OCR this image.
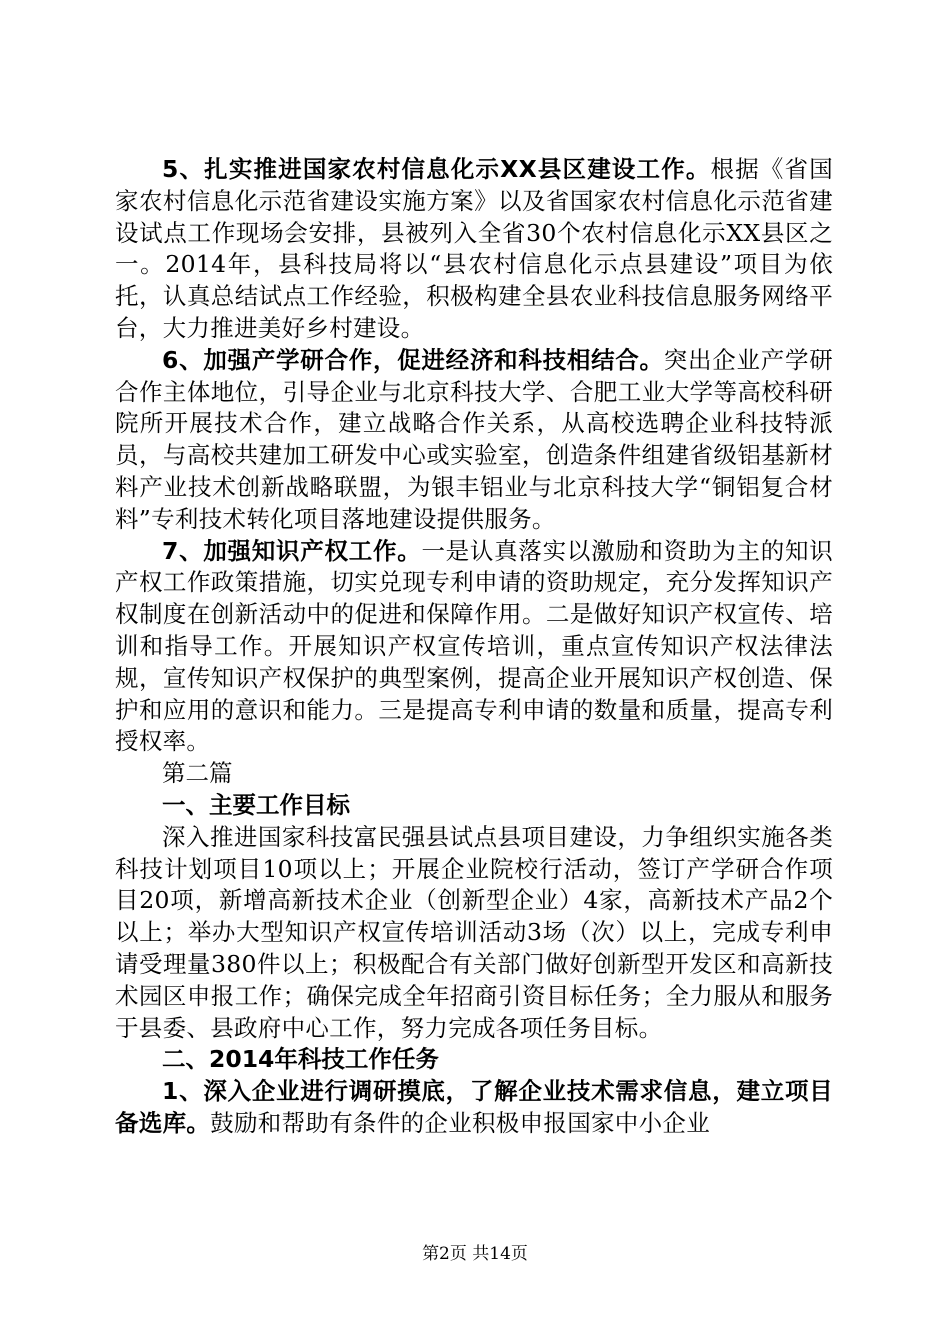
5、扎实推进国家农村信息化示XX县区建设工作。根据《省国家农村信息化示范省建设实施方案》以及省国家农村信息化示范省建设试点工作现场会安排，县被列入全省30个农村信息化示XX县区之一。2014年，县科技局将以“县农村信息化示点县建设”项目为依托，认真总结试点工作经验，积极构建全县农业科技信息服务网络平台，大力推进美好乡村建设。

6、加强产学研合作，促进经济和科技相结合。突出企业产学研合作主体地位，引导企业与北京科技大学、合肥工业大学等高校科研院所开展技术合作，建立战略合作关系，从高校选聘企业科技特派员，与高校共建加工研发中心或实验室，创造条件组建省级铝基新材料产业技术创新战略联盟，为银丰铝业与北京科技大学“铜铝复合材料”专利技术转化项目落地建设提供服务。

7、加强知识产权工作。一是认真落实以激励和资助为主的知识产权工作政策措施，切实兑现专利申请的资助规定，充分发挥知识产权制度在创新活动中的促进和保障作用。二是做好知识产权宣传、培训和指导工作。开展知识产权宣传培训，重点宣传知识产权法律法规，宣传知识产权保护的典型案例，提高企业开展知识产权创造、保护和应用的意识和能力。三是提高专利申请的数量和质量，提高专利授权率。

第二篇

一、主要工作目标

深入推进国家科技富民强县试点县项目建设，力争组织实施各类科技计划项目10项以上；开展企业院校行活动，签订产学研合作项目20项，新增高新技术企业（创新型企业）4家，高新技术产品2个以上；举办大型知识产权宣传培训活动3场（次）以上，完成专利申请受理量380件以上；积极配合有关部门做好创新型开发区和高新技术园区申报工作；确保完成全年招商引资目标任务；全力服从和服务于县委、县政府中心工作，努力完成各项任务目标。

二、2014年科技工作任务

1、深入企业进行调研摸底，了解企业技术需求信息，建立项目备选库。鼓励和帮助有条件的企业积极申报国家中小企业

第2页 共14页
